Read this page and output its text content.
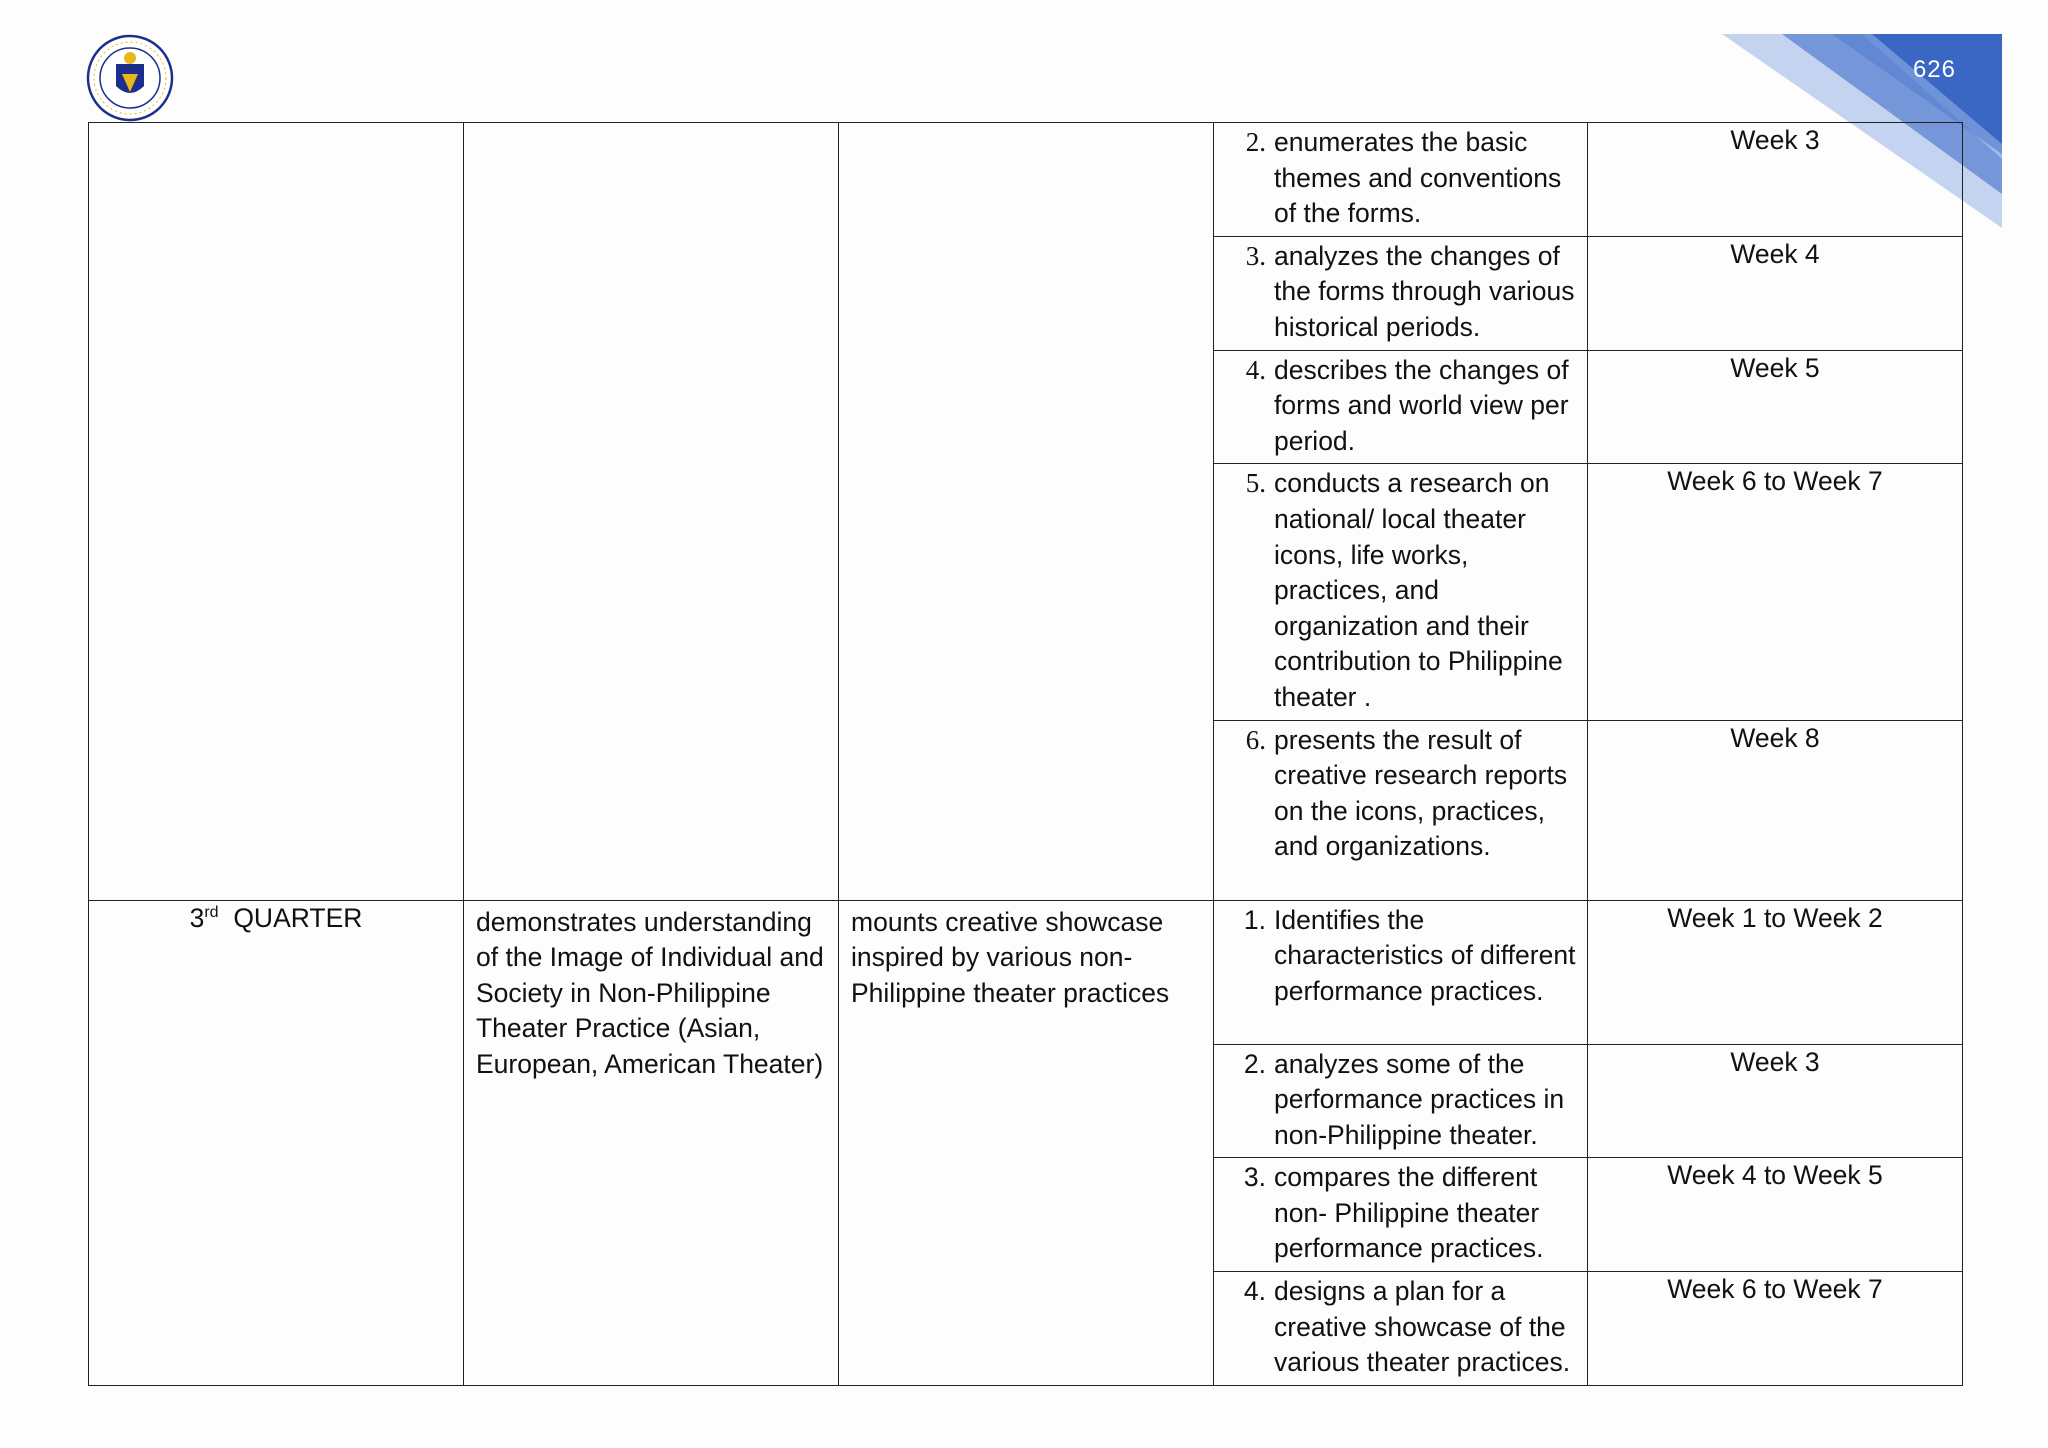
626

			2. enumerates the basic themes and conventions of the forms.	Week 3

			3. analyzes the changes of the forms through various historical periods.	Week 4

			4. describes the changes of forms and world view per period.	Week 5

			5. conducts a research on national/ local theater icons, life works, practices, and organization and their contribution to Philippine theater .	Week 6 to Week 7

			6. presents the result of creative research reports on the icons, practices, and organizations.	Week 8
3rd QUARTER	demonstrates understanding of the Image of Individual and Society in Non-Philippine Theater Practice (Asian, European, American Theater)	mounts creative showcase inspired by various non-Philippine theater practices	1. Identifies the characteristics of different performance practices.	Week 1 to Week 2

			2. analyzes some of the performance practices in non-Philippine theater.	Week 3

			3. compares the different non- Philippine theater performance practices.	Week 4 to Week 5

			4. designs a plan for a creative showcase of the various theater practices.	Week 6 to Week 7
